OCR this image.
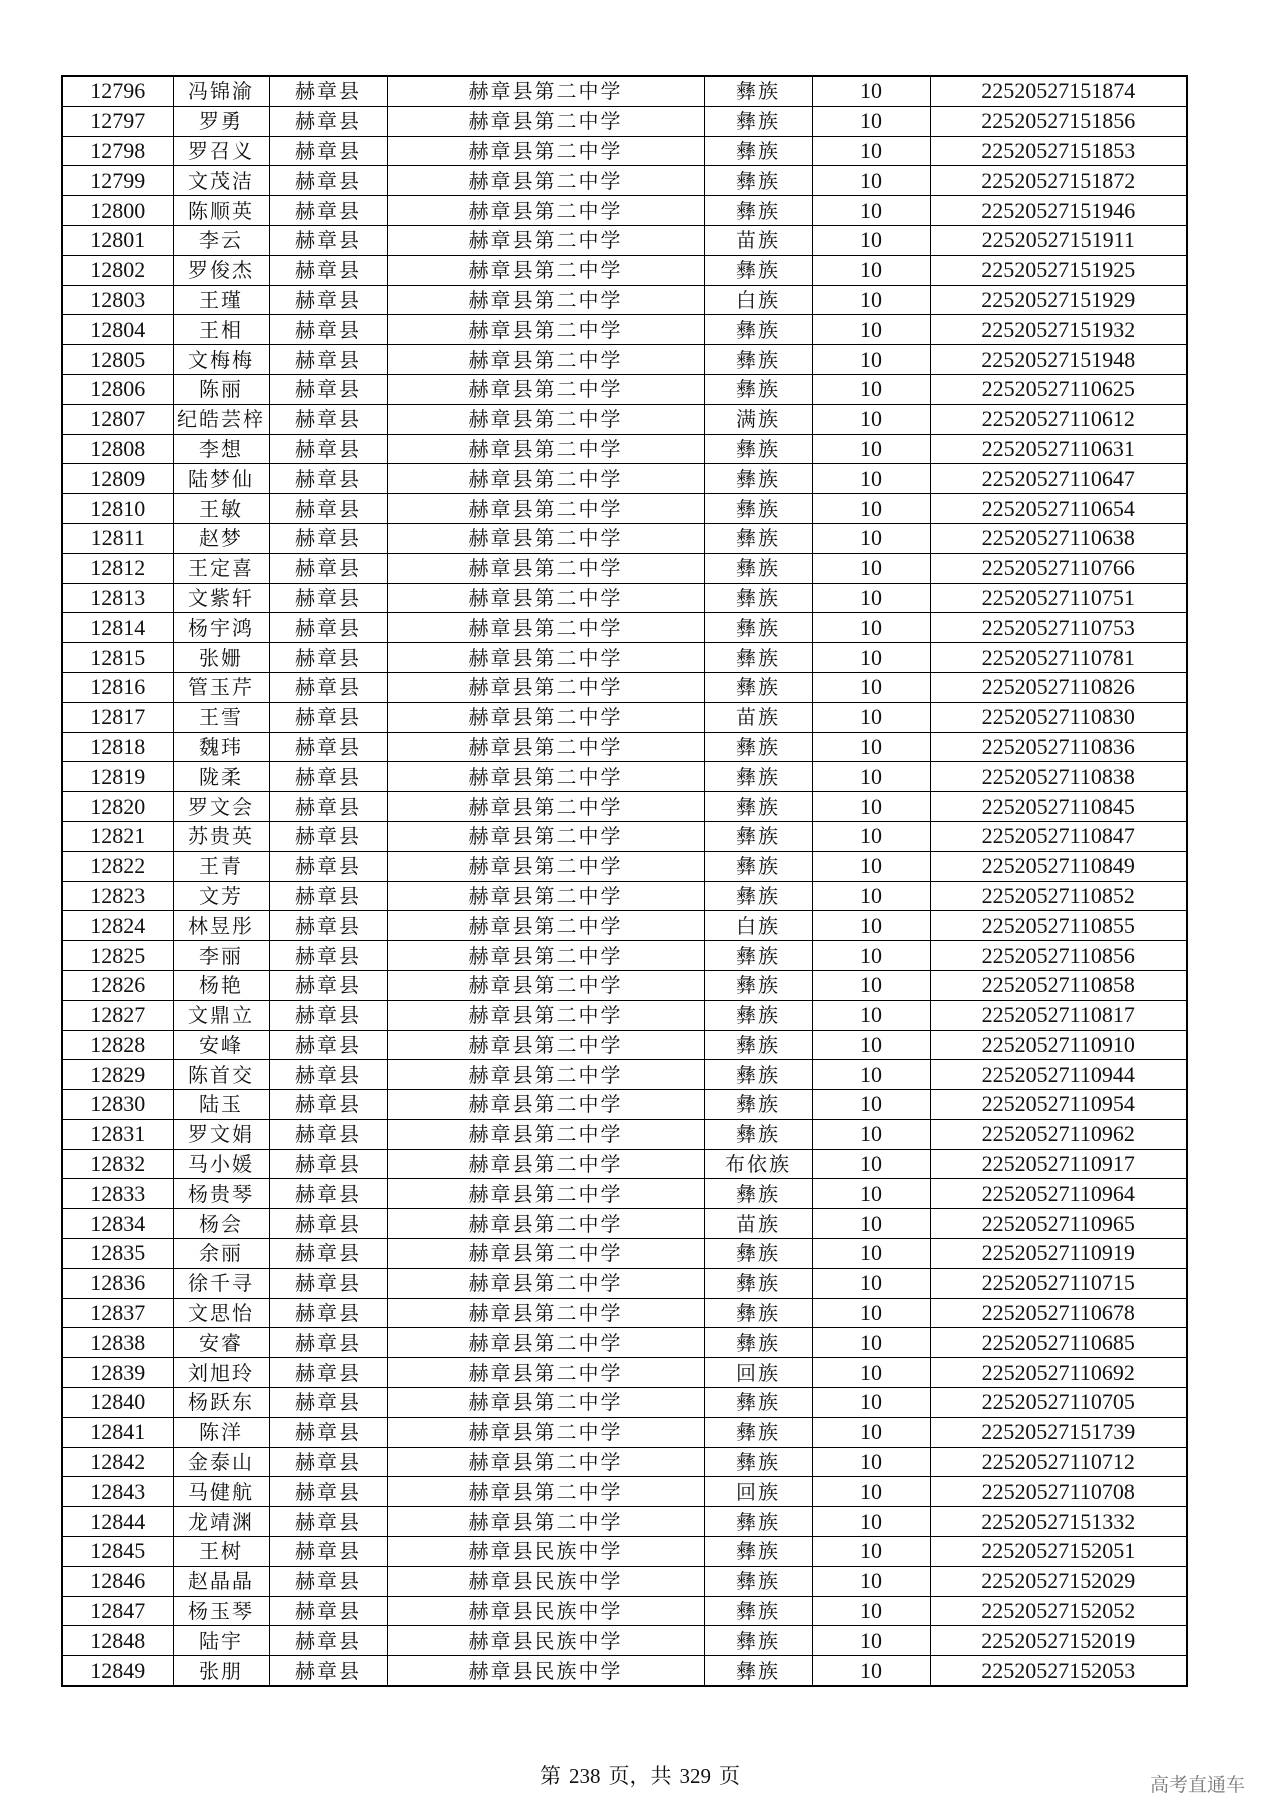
12796	冯锦渝	赫章县	赫章县第二中学	彝族	10	22520527151874
12797	罗勇	赫章县	赫章县第二中学	彝族	10	22520527151856
12798	罗召义	赫章县	赫章县第二中学	彝族	10	22520527151853
12799	文茂洁	赫章县	赫章县第二中学	彝族	10	22520527151872
12800	陈顺英	赫章县	赫章县第二中学	彝族	10	22520527151946
12801	李云	赫章县	赫章县第二中学	苗族	10	22520527151911
12802	罗俊杰	赫章县	赫章县第二中学	彝族	10	22520527151925
12803	王瑾	赫章县	赫章县第二中学	白族	10	22520527151929
12804	王相	赫章县	赫章县第二中学	彝族	10	22520527151932
12805	文梅梅	赫章县	赫章县第二中学	彝族	10	22520527151948
12806	陈丽	赫章县	赫章县第二中学	彝族	10	22520527110625
12807	纪皓芸梓	赫章县	赫章县第二中学	满族	10	22520527110612
12808	李想	赫章县	赫章县第二中学	彝族	10	22520527110631
12809	陆梦仙	赫章县	赫章县第二中学	彝族	10	22520527110647
12810	王敏	赫章县	赫章县第二中学	彝族	10	22520527110654
12811	赵梦	赫章县	赫章县第二中学	彝族	10	22520527110638
12812	王定喜	赫章县	赫章县第二中学	彝族	10	22520527110766
12813	文紫轩	赫章县	赫章县第二中学	彝族	10	22520527110751
12814	杨宇鸿	赫章县	赫章县第二中学	彝族	10	22520527110753
12815	张姗	赫章县	赫章县第二中学	彝族	10	22520527110781
12816	管玉芹	赫章县	赫章县第二中学	彝族	10	22520527110826
12817	王雪	赫章县	赫章县第二中学	苗族	10	22520527110830
12818	魏玮	赫章县	赫章县第二中学	彝族	10	22520527110836
12819	陇柔	赫章县	赫章县第二中学	彝族	10	22520527110838
12820	罗文会	赫章县	赫章县第二中学	彝族	10	22520527110845
12821	苏贵英	赫章县	赫章县第二中学	彝族	10	22520527110847
12822	王青	赫章县	赫章县第二中学	彝族	10	22520527110849
12823	文芳	赫章县	赫章县第二中学	彝族	10	22520527110852
12824	林昱彤	赫章县	赫章县第二中学	白族	10	22520527110855
12825	李丽	赫章县	赫章县第二中学	彝族	10	22520527110856
12826	杨艳	赫章县	赫章县第二中学	彝族	10	22520527110858
12827	文鼎立	赫章县	赫章县第二中学	彝族	10	22520527110817
12828	安峰	赫章县	赫章县第二中学	彝族	10	22520527110910
12829	陈首交	赫章县	赫章县第二中学	彝族	10	22520527110944
12830	陆玉	赫章县	赫章县第二中学	彝族	10	22520527110954
12831	罗文娟	赫章县	赫章县第二中学	彝族	10	22520527110962
12832	马小媛	赫章县	赫章县第二中学	布依族	10	22520527110917
12833	杨贵琴	赫章县	赫章县第二中学	彝族	10	22520527110964
12834	杨会	赫章县	赫章县第二中学	苗族	10	22520527110965
12835	余丽	赫章县	赫章县第二中学	彝族	10	22520527110919
12836	徐千寻	赫章县	赫章县第二中学	彝族	10	22520527110715
12837	文思怡	赫章县	赫章县第二中学	彝族	10	22520527110678
12838	安睿	赫章县	赫章县第二中学	彝族	10	22520527110685
12839	刘旭玲	赫章县	赫章县第二中学	回族	10	22520527110692
12840	杨跃东	赫章县	赫章县第二中学	彝族	10	22520527110705
12841	陈洋	赫章县	赫章县第二中学	彝族	10	22520527151739
12842	金泰山	赫章县	赫章县第二中学	彝族	10	22520527110712
12843	马健航	赫章县	赫章县第二中学	回族	10	22520527110708
12844	龙靖渊	赫章县	赫章县第二中学	彝族	10	22520527151332
12845	王树	赫章县	赫章县民族中学	彝族	10	22520527152051
12846	赵晶晶	赫章县	赫章县民族中学	彝族	10	22520527152029
12847	杨玉琴	赫章县	赫章县民族中学	彝族	10	22520527152052
12848	陆宇	赫章县	赫章县民族中学	彝族	10	22520527152019
12849	张朋	赫章县	赫章县民族中学	彝族	10	22520527152053
第 238 页，共 329 页	高考直通车
